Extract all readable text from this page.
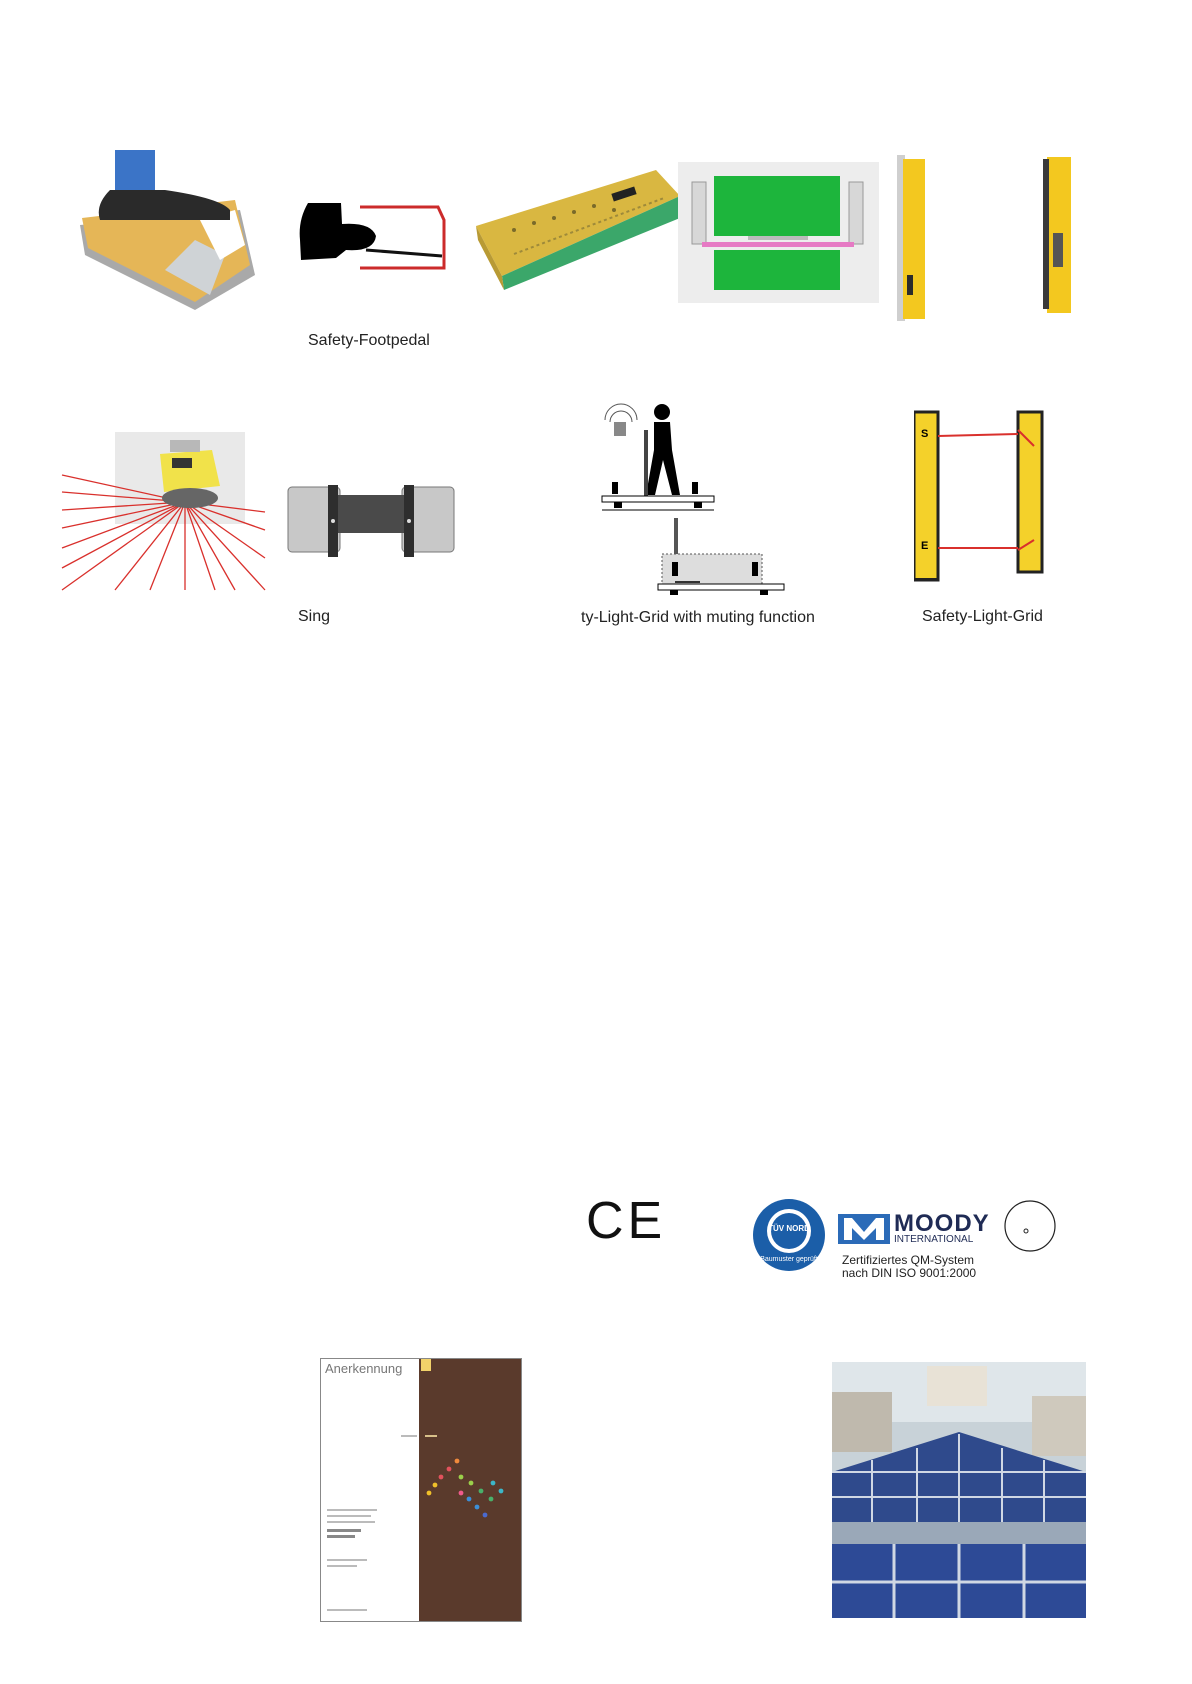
Safety-Footpedal
Sing	ty-Light-Grid with muting function
S
E
Safety-Light-Grid
CE	TÜV NORD
Baumuster geprüft
MOODY
INTERNATIONAL
Zertifiziertes QM-System
nach DIN ISO 9001:2000
Anerkennung
